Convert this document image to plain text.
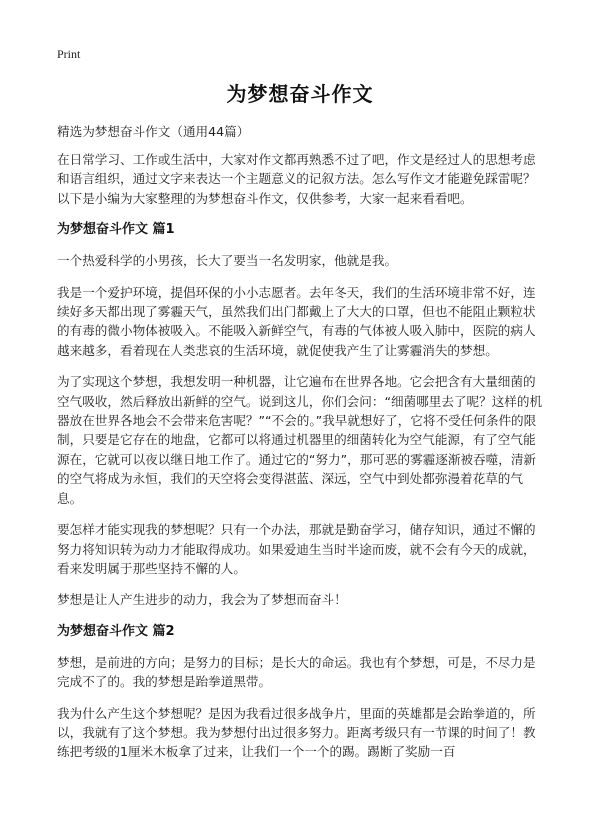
Print
为梦想奋斗作文
精选为梦想奋斗作文（通用44篇）

在日常学习、工作或生活中，大家对作文都再熟悉不过了吧，作文是经过人的思想考虑和语言组织，通过文字来表达一个主题意义的记叙方法。怎么写作文才能避免踩雷呢？以下是小编为大家整理的为梦想奋斗作文，仅供参考，大家一起来看看吧。

为梦想奋斗作文 篇1

一个热爱科学的小男孩，长大了要当一名发明家，他就是我。

我是一个爱护环境，提倡环保的小小志愿者。去年冬天，我们的生活环境非常不好，连续好多天都出现了雾霾天气，虽然我们出门都戴上了大大的口罩，但也不能阻止颗粒状的有毒的微小物体被吸入。不能吸入新鲜空气，有毒的气体被人吸入肺中，医院的病人越来越多，看着现在人类悲哀的生活环境，就促使我产生了让雾霾消失的梦想。

为了实现这个梦想，我想发明一种机器，让它遍布在世界各地。它会把含有大量细菌的空气吸收，然后释放出新鲜的空气。说到这儿，你们会问：“细菌哪里去了呢？这样的机器放在世界各地会不会带来危害呢？”“不会的。”我早就想好了，它将不受任何条件的限制，只要是它存在的地盘，它都可以将通过机器里的细菌转化为空气能源，有了空气能源在，它就可以夜以继日地工作了。通过它的“努力”，那可恶的雾霾逐渐被吞噬，清新的空气将成为永恒，我们的天空将会变得湛蓝、深远，空气中到处都弥漫着花草的气息。

要怎样才能实现我的梦想呢？只有一个办法，那就是勤奋学习，储存知识，通过不懈的努力将知识转为动力才能取得成功。如果爱迪生当时半途而废，就不会有今天的成就，看来发明属于那些坚持不懈的人。

梦想是让人产生进步的动力，我会为了梦想而奋斗！

为梦想奋斗作文 篇2

梦想，是前进的方向；是努力的目标；是长大的命运。我也有个梦想，可是，不尽力是完成不了的。我的梦想是跆拳道黑带。

我为什么产生这个梦想呢？是因为我看过很多战争片，里面的英雄都是会跆拳道的，所以，我就有了这个梦想。我为梦想付出过很多努力。距离考级只有一节课的时间了！教练把考级的1厘米木板拿了过来，让我们一个一个的踢。踢断了奖励一百
